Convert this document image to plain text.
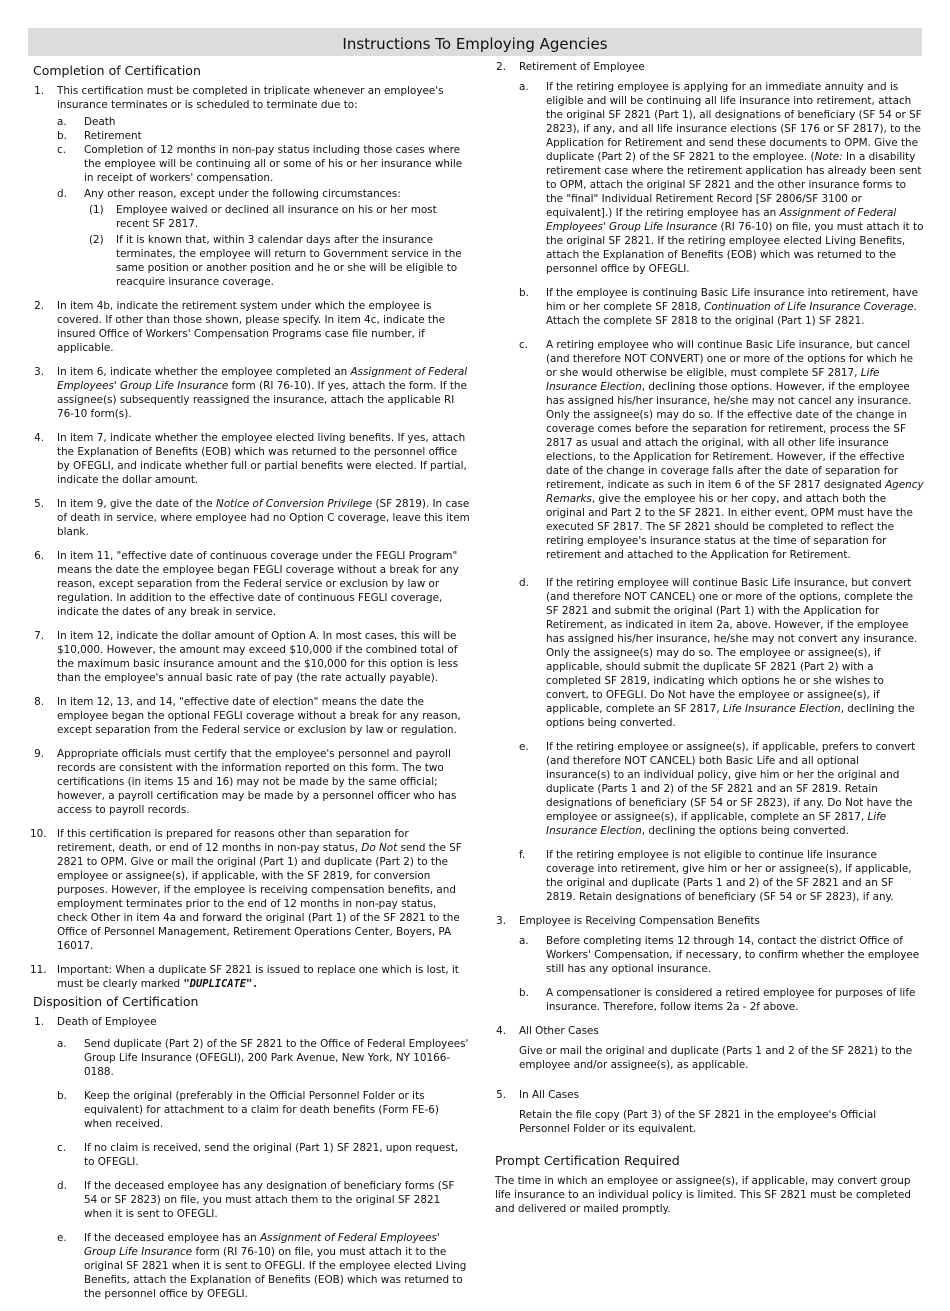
Instructions To Employing Agencies
Completion of Certification
1. This certification must be completed in triplicate whenever an employee's insurance terminates or is scheduled to terminate due to:
a. Death
b. Retirement
c. Completion of 12 months in non-pay status including those cases where the employee will be continuing all or some of his or her insurance while in receipt of workers' compensation.
d. Any other reason, except under the following circumstances:
(1) Employee waived or declined all insurance on his or her most recent SF 2817.
(2) If it is known that, within 3 calendar days after the insurance terminates, the employee will return to Government service in the same position or another position and he or she will be eligible to reacquire insurance coverage.
2. In item 4b, indicate the retirement system under which the employee is covered. If other than those shown, please specify. In item 4c, indicate the insured Office of Workers' Compensation Programs case file number, if applicable.
3. In item 6, indicate whether the employee completed an Assignment of Federal Employees' Group Life Insurance form (RI 76-10). If yes, attach the form. If the assignee(s) subsequently reassigned the insurance, attach the applicable RI 76-10 form(s).
4. In item 7, indicate whether the employee elected living benefits. If yes, attach the Explanation of Benefits (EOB) which was returned to the personnel office by OFEGLI, and indicate whether full or partial benefits were elected. If partial, indicate the dollar amount.
5. In item 9, give the date of the Notice of Conversion Privilege (SF 2819). In case of death in service, where employee had no Option C coverage, leave this item blank.
6. In item 11, "effective date of continuous coverage under the FEGLI Program" means the date the employee began FEGLI coverage without a break for any reason, except separation from the Federal service or exclusion by law or regulation. In addition to the effective date of continuous FEGLI coverage, indicate the dates of any break in service.
7. In item 12, indicate the dollar amount of Option A. In most cases, this will be $10,000. However, the amount may exceed $10,000 if the combined total of the maximum basic insurance amount and the $10,000 for this option is less than the employee's annual basic rate of pay (the rate actually payable).
8. In item 12, 13, and 14, "effective date of election" means the date the employee began the optional FEGLI coverage without a break for any reason, except separation from the Federal service or exclusion by law or regulation.
9. Appropriate officials must certify that the employee's personnel and payroll records are consistent with the information reported on this form. The two certifications (in items 15 and 16) may not be made by the same official; however, a payroll certification may be made by a personnel officer who has access to payroll records.
10. If this certification is prepared for reasons other than separation for retirement, death, or end of 12 months in non-pay status, Do Not send the SF 2821 to OPM. Give or mail the original (Part 1) and duplicate (Part 2) to the employee or assignee(s), if applicable, with the SF 2819, for conversion purposes. However, if the employee is receiving compensation benefits, and employment terminates prior to the end of 12 months in non-pay status, check Other in item 4a and forward the original (Part 1) of the SF 2821 to the Office of Personnel Management, Retirement Operations Center, Boyers, PA 16017.
11. Important: When a duplicate SF 2821 is issued to replace one which is lost, it must be clearly marked "DUPLICATE".
Disposition of Certification
1. Death of Employee
a. Send duplicate (Part 2) of the SF 2821 to the Office of Federal Employees' Group Life Insurance (OFEGLI), 200 Park Avenue, New York, NY 10166-0188.
b. Keep the original (preferably in the Official Personnel Folder or its equivalent) for attachment to a claim for death benefits (Form FE-6) when received.
c. If no claim is received, send the original (Part 1) SF 2821, upon request, to OFEGLI.
d. If the deceased employee has any designation of beneficiary forms (SF 54 or SF 2823) on file, you must attach them to the original SF 2821 when it is sent to OFEGLI.
e. If the deceased employee has an Assignment of Federal Employees' Group Life Insurance form (RI 76-10) on file, you must attach it to the original SF 2821 when it is sent to OFEGLI. If the employee elected Living Benefits, attach the Explanation of Benefits (EOB) which was returned to the personnel office by OFEGLI.
2. Retirement of Employee
a. If the retiring employee is applying for an immediate annuity and is eligible and will be continuing all life insurance into retirement, attach the original SF 2821 (Part 1), all designations of beneficiary (SF 54 or SF 2823), if any, and all life insurance elections (SF 176 or SF 2817), to the Application for Retirement and send these documents to OPM. Give the duplicate (Part 2) of the SF 2821 to the employee. (Note: In a disability retirement case where the retirement application has already been sent to OPM, attach the original SF 2821 and the other insurance forms to the "final" Individual Retirement Record [SF 2806/SF 3100 or equivalent].) If the retiring employee has an Assignment of Federal Employees' Group Life Insurance (RI 76-10) on file, you must attach it to the original SF 2821. If the retiring employee elected Living Benefits, attach the Explanation of Benefits (EOB) which was returned to the personnel office by OFEGLI.
b. If the employee is continuing Basic Life insurance into retirement, have him or her complete SF 2818, Continuation of Life Insurance Coverage. Attach the complete SF 2818 to the original (Part 1) SF 2821.
c. A retiring employee who will continue Basic Life insurance, but cancel (and therefore NOT CONVERT) one or more of the options for which he or she would otherwise be eligible, must complete SF 2817, Life Insurance Election, declining those options. However, if the employee has assigned his/her insurance, he/she may not cancel any insurance. Only the assignee(s) may do so. If the effective date of the change in coverage comes before the separation for retirement, process the SF 2817 as usual and attach the original, with all other life insurance elections, to the Application for Retirement. However, if the effective date of the change in coverage falls after the date of separation for retirement, indicate as such in item 6 of the SF 2817 designated Agency Remarks, give the employee his or her copy, and attach both the original and Part 2 to the SF 2821. In either event, OPM must have the executed SF 2817. The SF 2821 should be completed to reflect the retiring employee's insurance status at the time of separation for retirement and attached to the Application for Retirement.
d. If the retiring employee will continue Basic Life insurance, but convert (and therefore NOT CANCEL) one or more of the options, complete the SF 2821 and submit the original (Part 1) with the Application for Retirement, as indicated in item 2a, above. However, if the employee has assigned his/her insurance, he/she may not convert any insurance. Only the assignee(s) may do so. The employee or assignee(s), if applicable, should submit the duplicate SF 2821 (Part 2) with a completed SF 2819, indicating which options he or she wishes to convert, to OFEGLI. Do Not have the employee or assignee(s), if applicable, complete an SF 2817, Life Insurance Election, declining the options being converted.
e. If the retiring employee or assignee(s), if applicable, prefers to convert (and therefore NOT CANCEL) both Basic Life and all optional insurance(s) to an individual policy, give him or her the original and duplicate (Parts 1 and 2) of the SF 2821 and an SF 2819. Retain designations of beneficiary (SF 54 or SF 2823), if any. Do Not have the employee or assignee(s), if applicable, complete an SF 2817, Life Insurance Election, declining the options being converted.
f. If the retiring employee is not eligible to continue life insurance coverage into retirement, give him or her or assignee(s), if applicable, the original and duplicate (Parts 1 and 2) of the SF 2821 and an SF 2819. Retain designations of beneficiary (SF 54 or SF 2823), if any.
3. Employee is Receiving Compensation Benefits
a. Before completing items 12 through 14, contact the district Office of Workers' Compensation, if necessary, to confirm whether the employee still has any optional insurance.
b. A compensationer is considered a retired employee for purposes of life insurance. Therefore, follow items 2a - 2f above.
4. All Other Cases
Give or mail the original and duplicate (Parts 1 and 2 of the SF 2821) to the employee and/or assignee(s), as applicable.
5. In All Cases
Retain the file copy (Part 3) of the SF 2821 in the employee's Official Personnel Folder or its equivalent.
Prompt Certification Required
The time in which an employee or assignee(s), if applicable, may convert group life insurance to an individual policy is limited. This SF 2821 must be completed and delivered or mailed promptly.
